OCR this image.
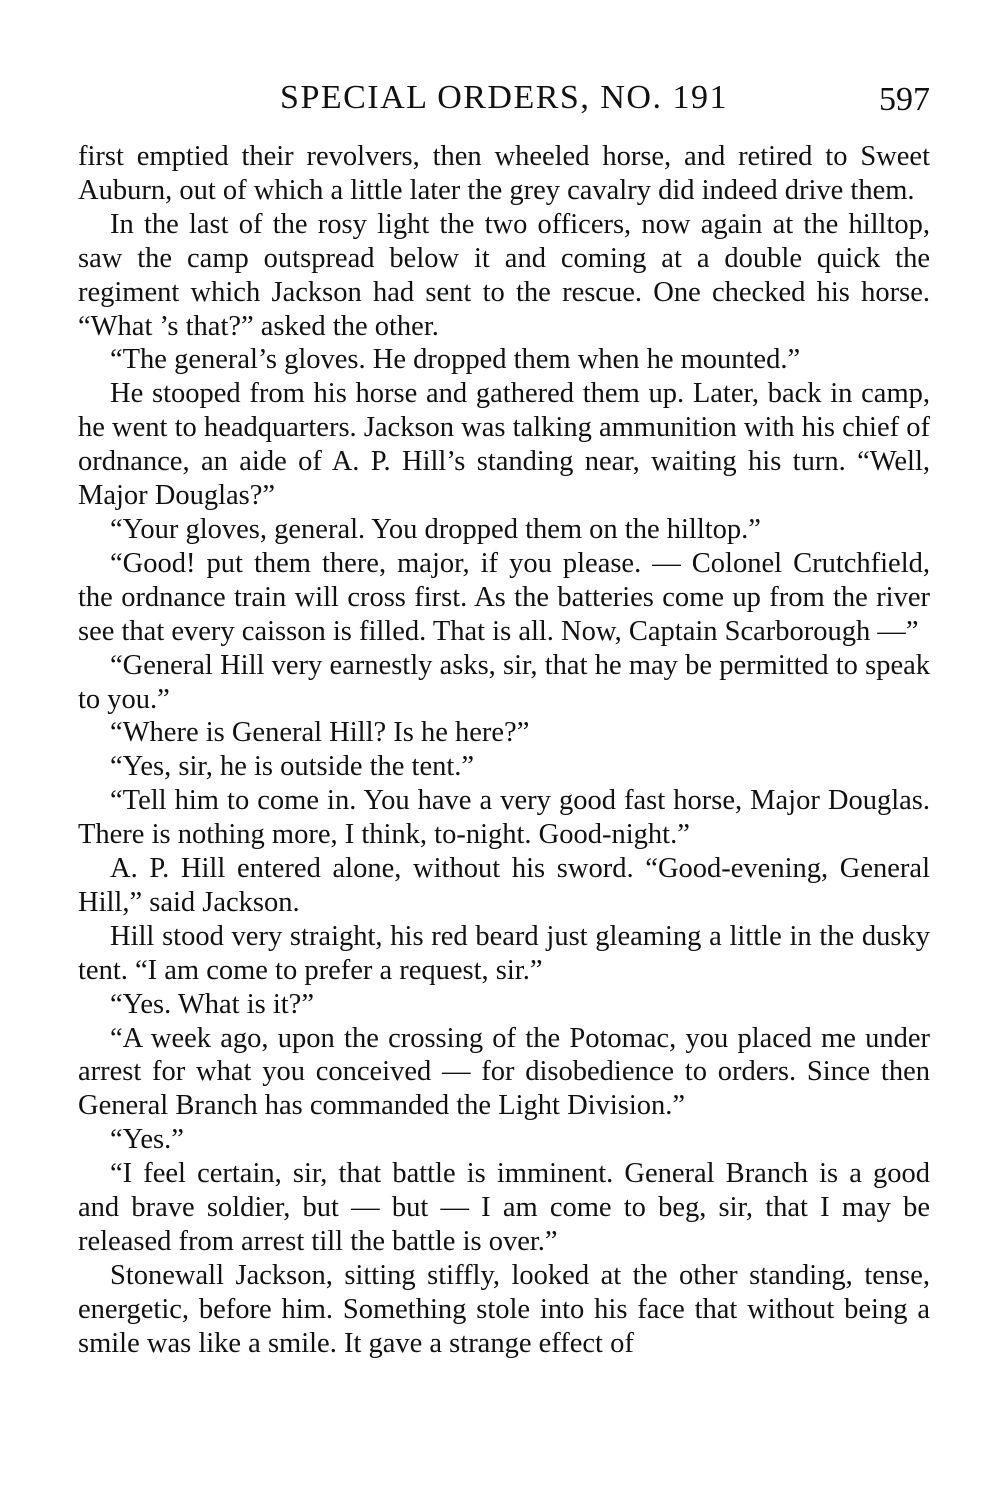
SPECIAL ORDERS, NO. 191	597

first emptied their revolvers, then wheeled horse, and retired to Sweet Auburn, out of which a little later the grey cavalry did indeed drive them.

In the last of the rosy light the two officers, now again at the hilltop, saw the camp outspread below it and coming at a double quick the regiment which Jackson had sent to the rescue. One checked his horse. “What ’s that?” asked the other.

“The general’s gloves. He dropped them when he mounted.”

He stooped from his horse and gathered them up. Later, back in camp, he went to headquarters. Jackson was talking ammunition with his chief of ordnance, an aide of A. P. Hill’s standing near, waiting his turn. “Well, Major Douglas?”

“Your gloves, general. You dropped them on the hilltop.”

“Good! put them there, major, if you please. — Colonel Crutchfield, the ordnance train will cross first. As the batteries come up from the river see that every caisson is filled. That is all. Now, Captain Scarborough —”

“General Hill very earnestly asks, sir, that he may be permitted to speak to you.”

“Where is General Hill? Is he here?”

“Yes, sir, he is outside the tent.”

“Tell him to come in. You have a very good fast horse, Major Douglas. There is nothing more, I think, to-night. Good-night.”

A. P. Hill entered alone, without his sword. “Good-evening, General Hill,” said Jackson.

Hill stood very straight, his red beard just gleaming a little in the dusky tent. “I am come to prefer a request, sir.”

“Yes. What is it?”

“A week ago, upon the crossing of the Potomac, you placed me under arrest for what you conceived — for disobedience to orders. Since then General Branch has commanded the Light Division.”

“Yes.”

“I feel certain, sir, that battle is imminent. General Branch is a good and brave soldier, but — but — I am come to beg, sir, that I may be released from arrest till the battle is over.”

Stonewall Jackson, sitting stiffly, looked at the other standing, tense, energetic, before him. Something stole into his face that without being a smile was like a smile. It gave a strange effect of
